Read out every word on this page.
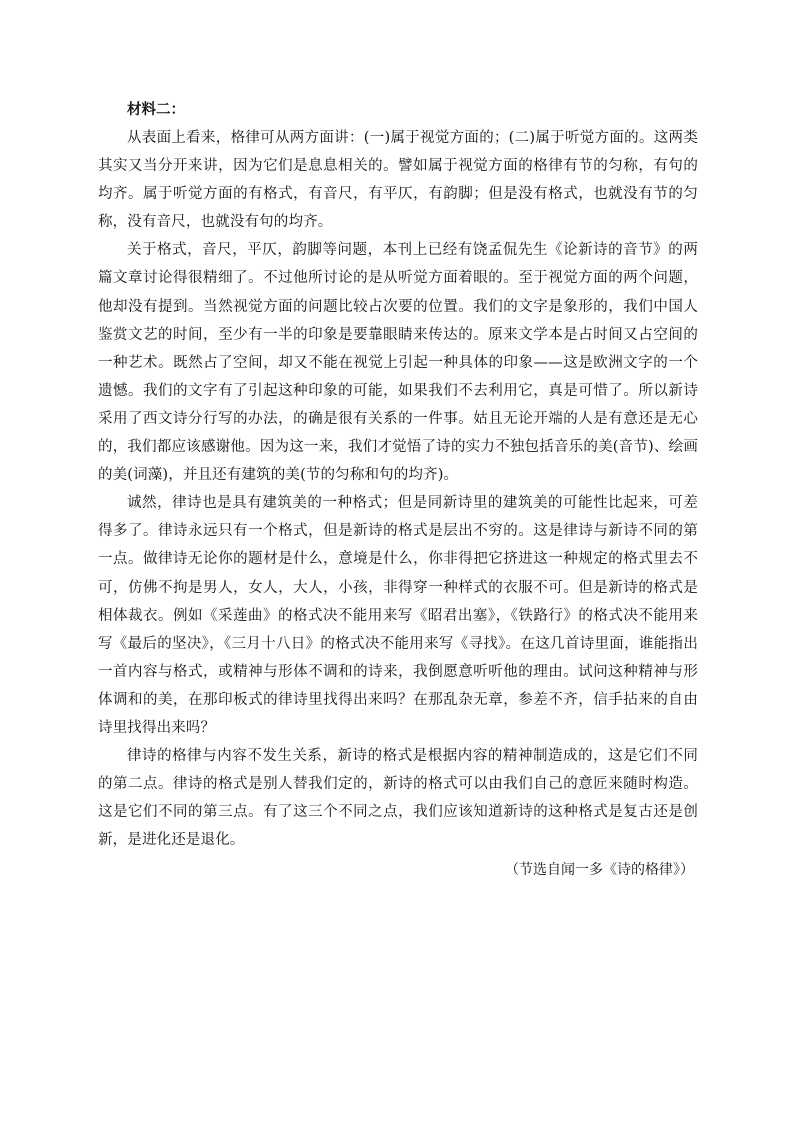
材料二：

从表面上看来，格律可从两方面讲：(一)属于视觉方面的；(二)属于听觉方面的。这两类其实又当分开来讲，因为它们是息息相关的。譬如属于视觉方面的格律有节的匀称，有句的均齐。属于听觉方面的有格式，有音尺，有平仄，有韵脚；但是没有格式，也就没有节的匀称，没有音尺，也就没有句的均齐。

关于格式，音尺，平仄，韵脚等问题，本刊上已经有饶孟侃先生《论新诗的音节》的两篇文章讨论得很精细了。不过他所讨论的是从听觉方面着眼的。至于视觉方面的两个问题，他却没有提到。当然视觉方面的问题比较占次要的位置。我们的文字是象形的，我们中国人鉴赏文艺的时间，至少有一半的印象是要靠眼睛来传达的。原来文学本是占时间又占空间的一种艺术。既然占了空间，却又不能在视觉上引起一种具体的印象——这是欧洲文字的一个遗憾。我们的文字有了引起这种印象的可能，如果我们不去利用它，真是可惜了。所以新诗采用了西文诗分行写的办法，的确是很有关系的一件事。姑且无论开端的人是有意还是无心的，我们都应该感谢他。因为这一来，我们才觉悟了诗的实力不独包括音乐的美(音节)、绘画的美(词藻)，并且还有建筑的美(节的匀称和句的均齐)。

诚然，律诗也是具有建筑美的一种格式；但是同新诗里的建筑美的可能性比起来，可差得多了。律诗永远只有一个格式，但是新诗的格式是层出不穷的。这是律诗与新诗不同的第一点。做律诗无论你的题材是什么，意境是什么，你非得把它挤进这一种规定的格式里去不可，仿佛不拘是男人，女人，大人，小孩，非得穿一种样式的衣服不可。但是新诗的格式是相体裁衣。例如《采莲曲》的格式决不能用来写《昭君出塞》，《铁路行》的格式决不能用来写《最后的坚决》，《三月十八日》的格式决不能用来写《寻找》。在这几首诗里面，谁能指出一首内容与格式，或精神与形体不调和的诗来，我倒愿意听听他的理由。试问这种精神与形体调和的美，在那印板式的律诗里找得出来吗？在那乱杂无章，参差不齐，信手拈来的自由诗里找得出来吗？

律诗的格律与内容不发生关系，新诗的格式是根据内容的精神制造成的，这是它们不同的第二点。律诗的格式是别人替我们定的，新诗的格式可以由我们自己的意匠来随时构造。这是它们不同的第三点。有了这三个不同之点，我们应该知道新诗的这种格式是复古还是创新，是进化还是退化。

（节选自闻一多《诗的格律》）
